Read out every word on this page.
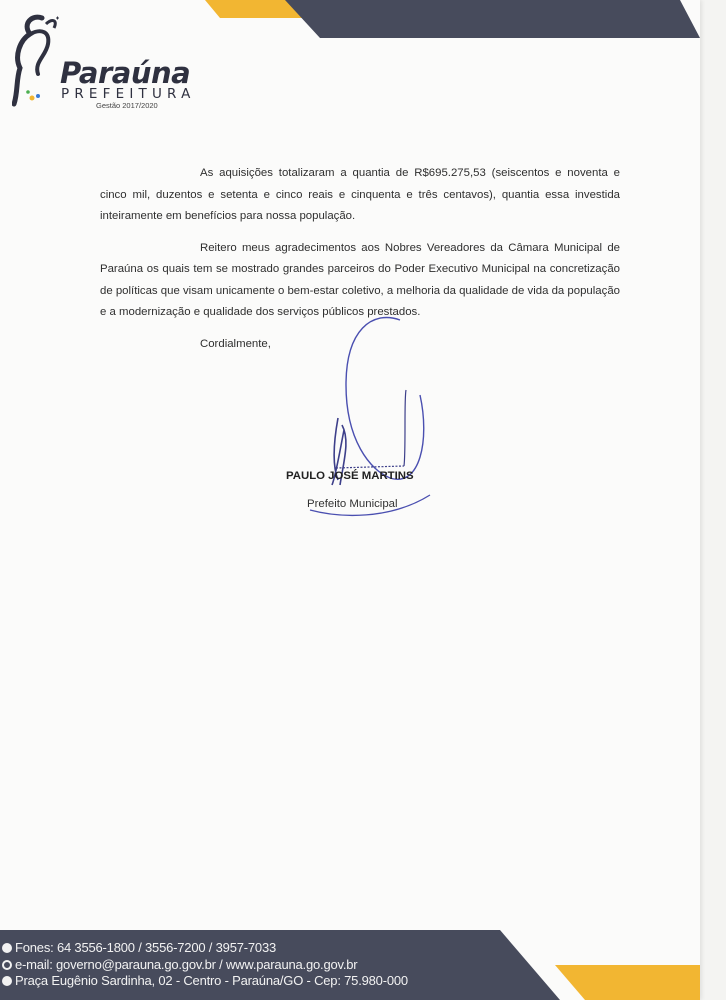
Paraúna
PREFEITURA
Gestão 2017/2020

As aquisições totalizaram a quantia de R$695.275,53 (seiscentos e noventa e cinco mil, duzentos e setenta e cinco reais e cinquenta e três centavos), quantia essa investida inteiramente em benefícios para nossa população.

Reitero meus agradecimentos aos Nobres Vereadores da Câmara Municipal de Paraúna os quais tem se mostrado grandes parceiros do Poder Executivo Municipal na concretização de políticas que visam unicamente o bem-estar coletivo, a melhoria da qualidade de vida da população e a modernização e qualidade dos serviços públicos prestados.

Cordialmente,

PAULO JOSÉ MARTINS
Prefeito Municipal
Fones: 64 3556-1800 / 3556-7200 / 3957-7033
e-mail: governo@parauna.go.gov.br / www.parauna.go.gov.br
Praça Eugênio Sardinha, 02 - Centro - Paraúna/GO - Cep: 75.980-000
